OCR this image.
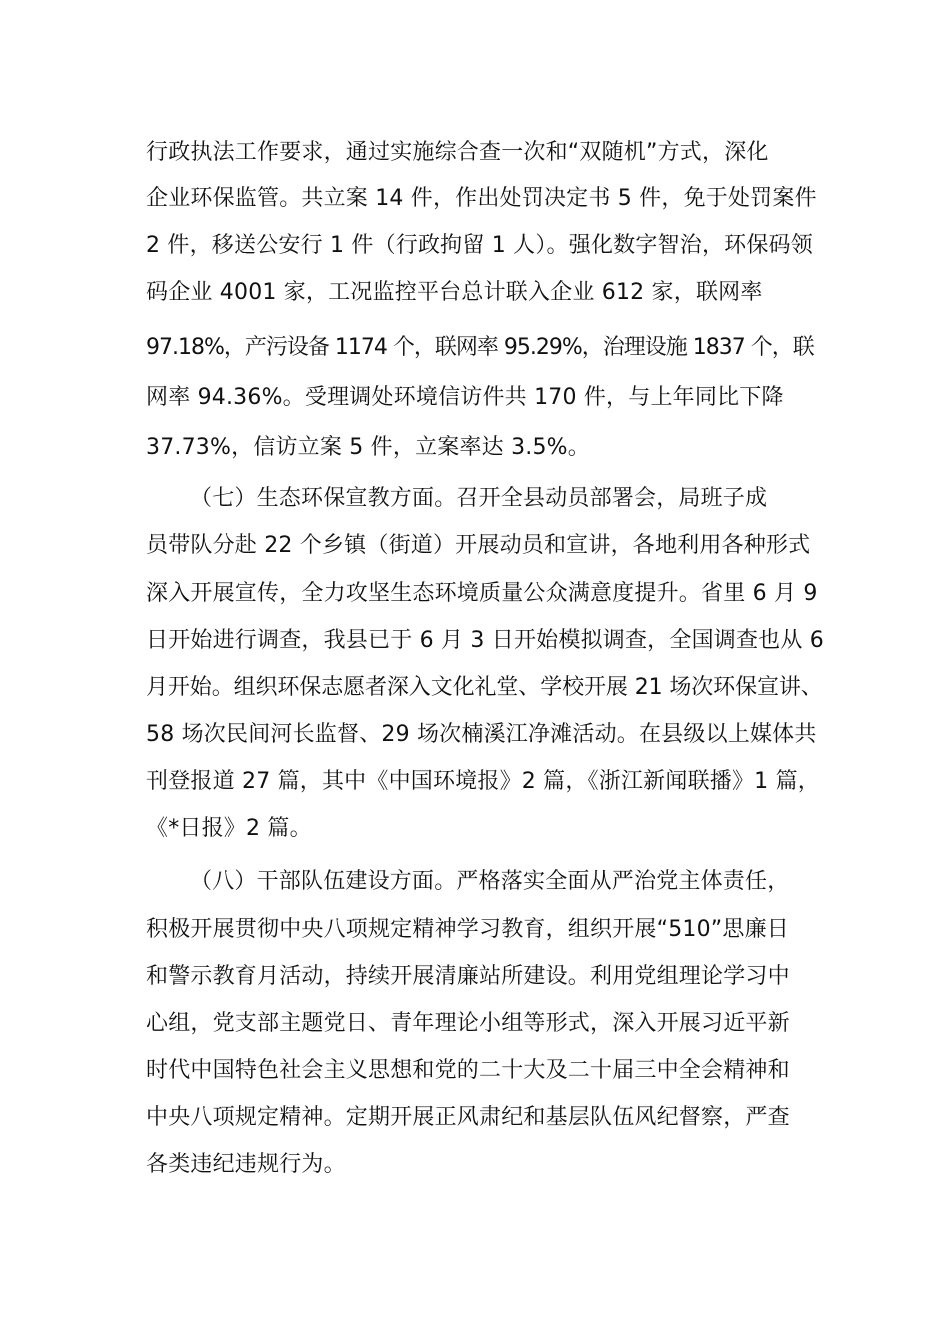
行政执法工作要求，通过实施综合查一次和“双随机”方式，深化
企业环保监管。共立案 14 件，作出处罚决定书 5 件，免于处罚案件
2 件，移送公安行 1 件（行政拘留 1 人）。强化数字智治，环保码领
码企业 4001 家，工况监控平台总计联入企业 612 家，联网率
97.18%，产污设备 1174 个，联网率 95.29%，治理设施 1837 个，联
网率 94.36%。受理调处环境信访件共 170 件，与上年同比下降
37.73%，信访立案 5 件，立案率达 3.5%。
（七）生态环保宣教方面。召开全县动员部署会，局班子成
员带队分赴 22 个乡镇（街道）开展动员和宣讲，各地利用各种形式
深入开展宣传，全力攻坚生态环境质量公众满意度提升。省里 6 月 9
日开始进行调查，我县已于 6 月 3 日开始模拟调查，全国调查也从 6
月开始。组织环保志愿者深入文化礼堂、学校开展 21 场次环保宣讲、
58 场次民间河长监督、29 场次楠溪江净滩活动。在县级以上媒体共
刊登报道 27 篇，其中《中国环境报》2 篇，《浙江新闻联播》1 篇，
《*日报》2 篇。
（八）干部队伍建设方面。严格落实全面从严治党主体责任，
积极开展贯彻中央八项规定精神学习教育，组织开展“510”思廉日
和警示教育月活动，持续开展清廉站所建设。利用党组理论学习中
心组，党支部主题党日、青年理论小组等形式，深入开展习近平新
时代中国特色社会主义思想和党的二十大及二十届三中全会精神和
中央八项规定精神。定期开展正风肃纪和基层队伍风纪督察，严查
各类违纪违规行为。
